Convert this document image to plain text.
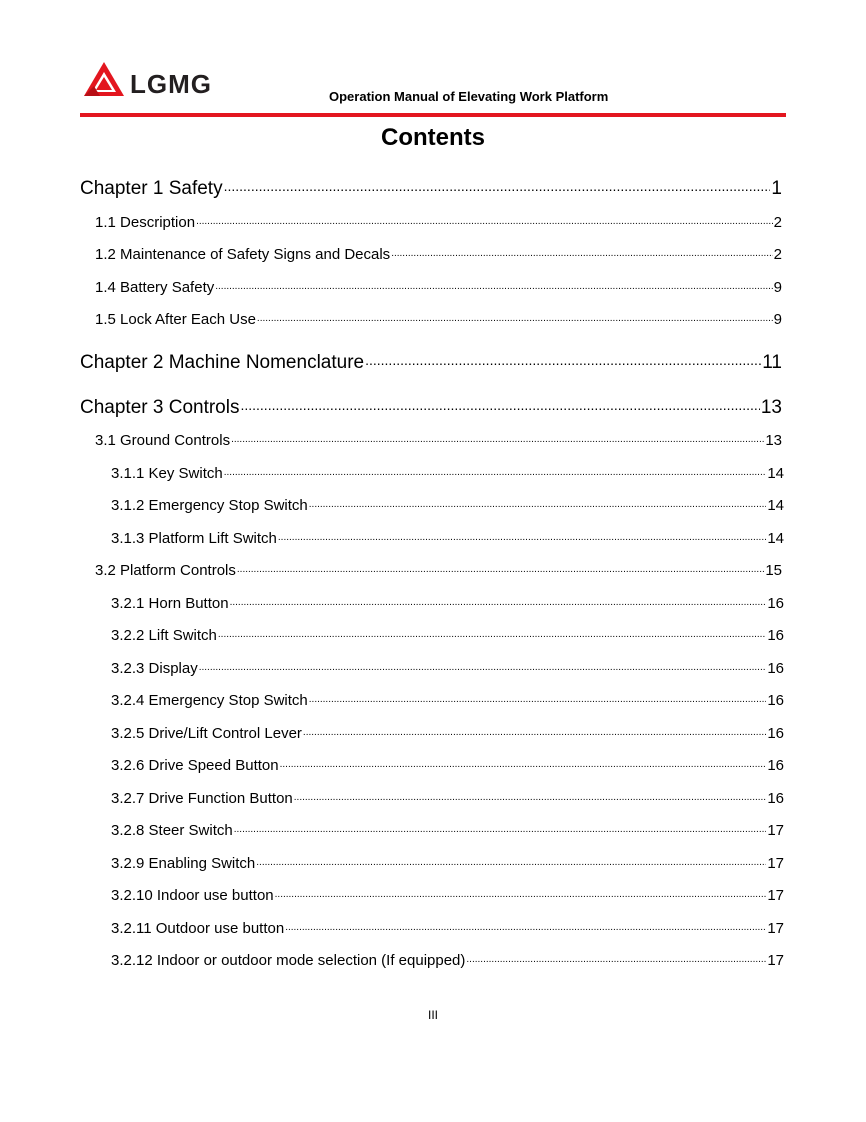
LGMG	Operation Manual of Elevating Work Platform
Contents
Chapter 1 Safety .....	1
1.1 Description .....	2
1.2 Maintenance of Safety Signs and Decals .....	2
1.4 Battery Safety .....	9
1.5 Lock After Each Use .....	9
Chapter 2 Machine Nomenclature .....	11
Chapter 3 Controls .....	13
3.1 Ground Controls .....	13
3.1.1 Key Switch .....	14
3.1.2 Emergency Stop Switch .....	14
3.1.3 Platform Lift Switch .....	14
3.2 Platform Controls .....	15
3.2.1 Horn Button .....	16
3.2.2 Lift Switch .....	16
3.2.3 Display .....	16
3.2.4 Emergency Stop Switch .....	16
3.2.5 Drive/Lift Control Lever .....	16
3.2.6 Drive Speed Button .....	16
3.2.7 Drive Function Button .....	16
3.2.8 Steer Switch .....	17
3.2.9 Enabling Switch .....	17
3.2.10 Indoor use button .....	17
3.2.11 Outdoor use button .....	17
3.2.12 Indoor or outdoor mode selection (If equipped) .....	17
III
